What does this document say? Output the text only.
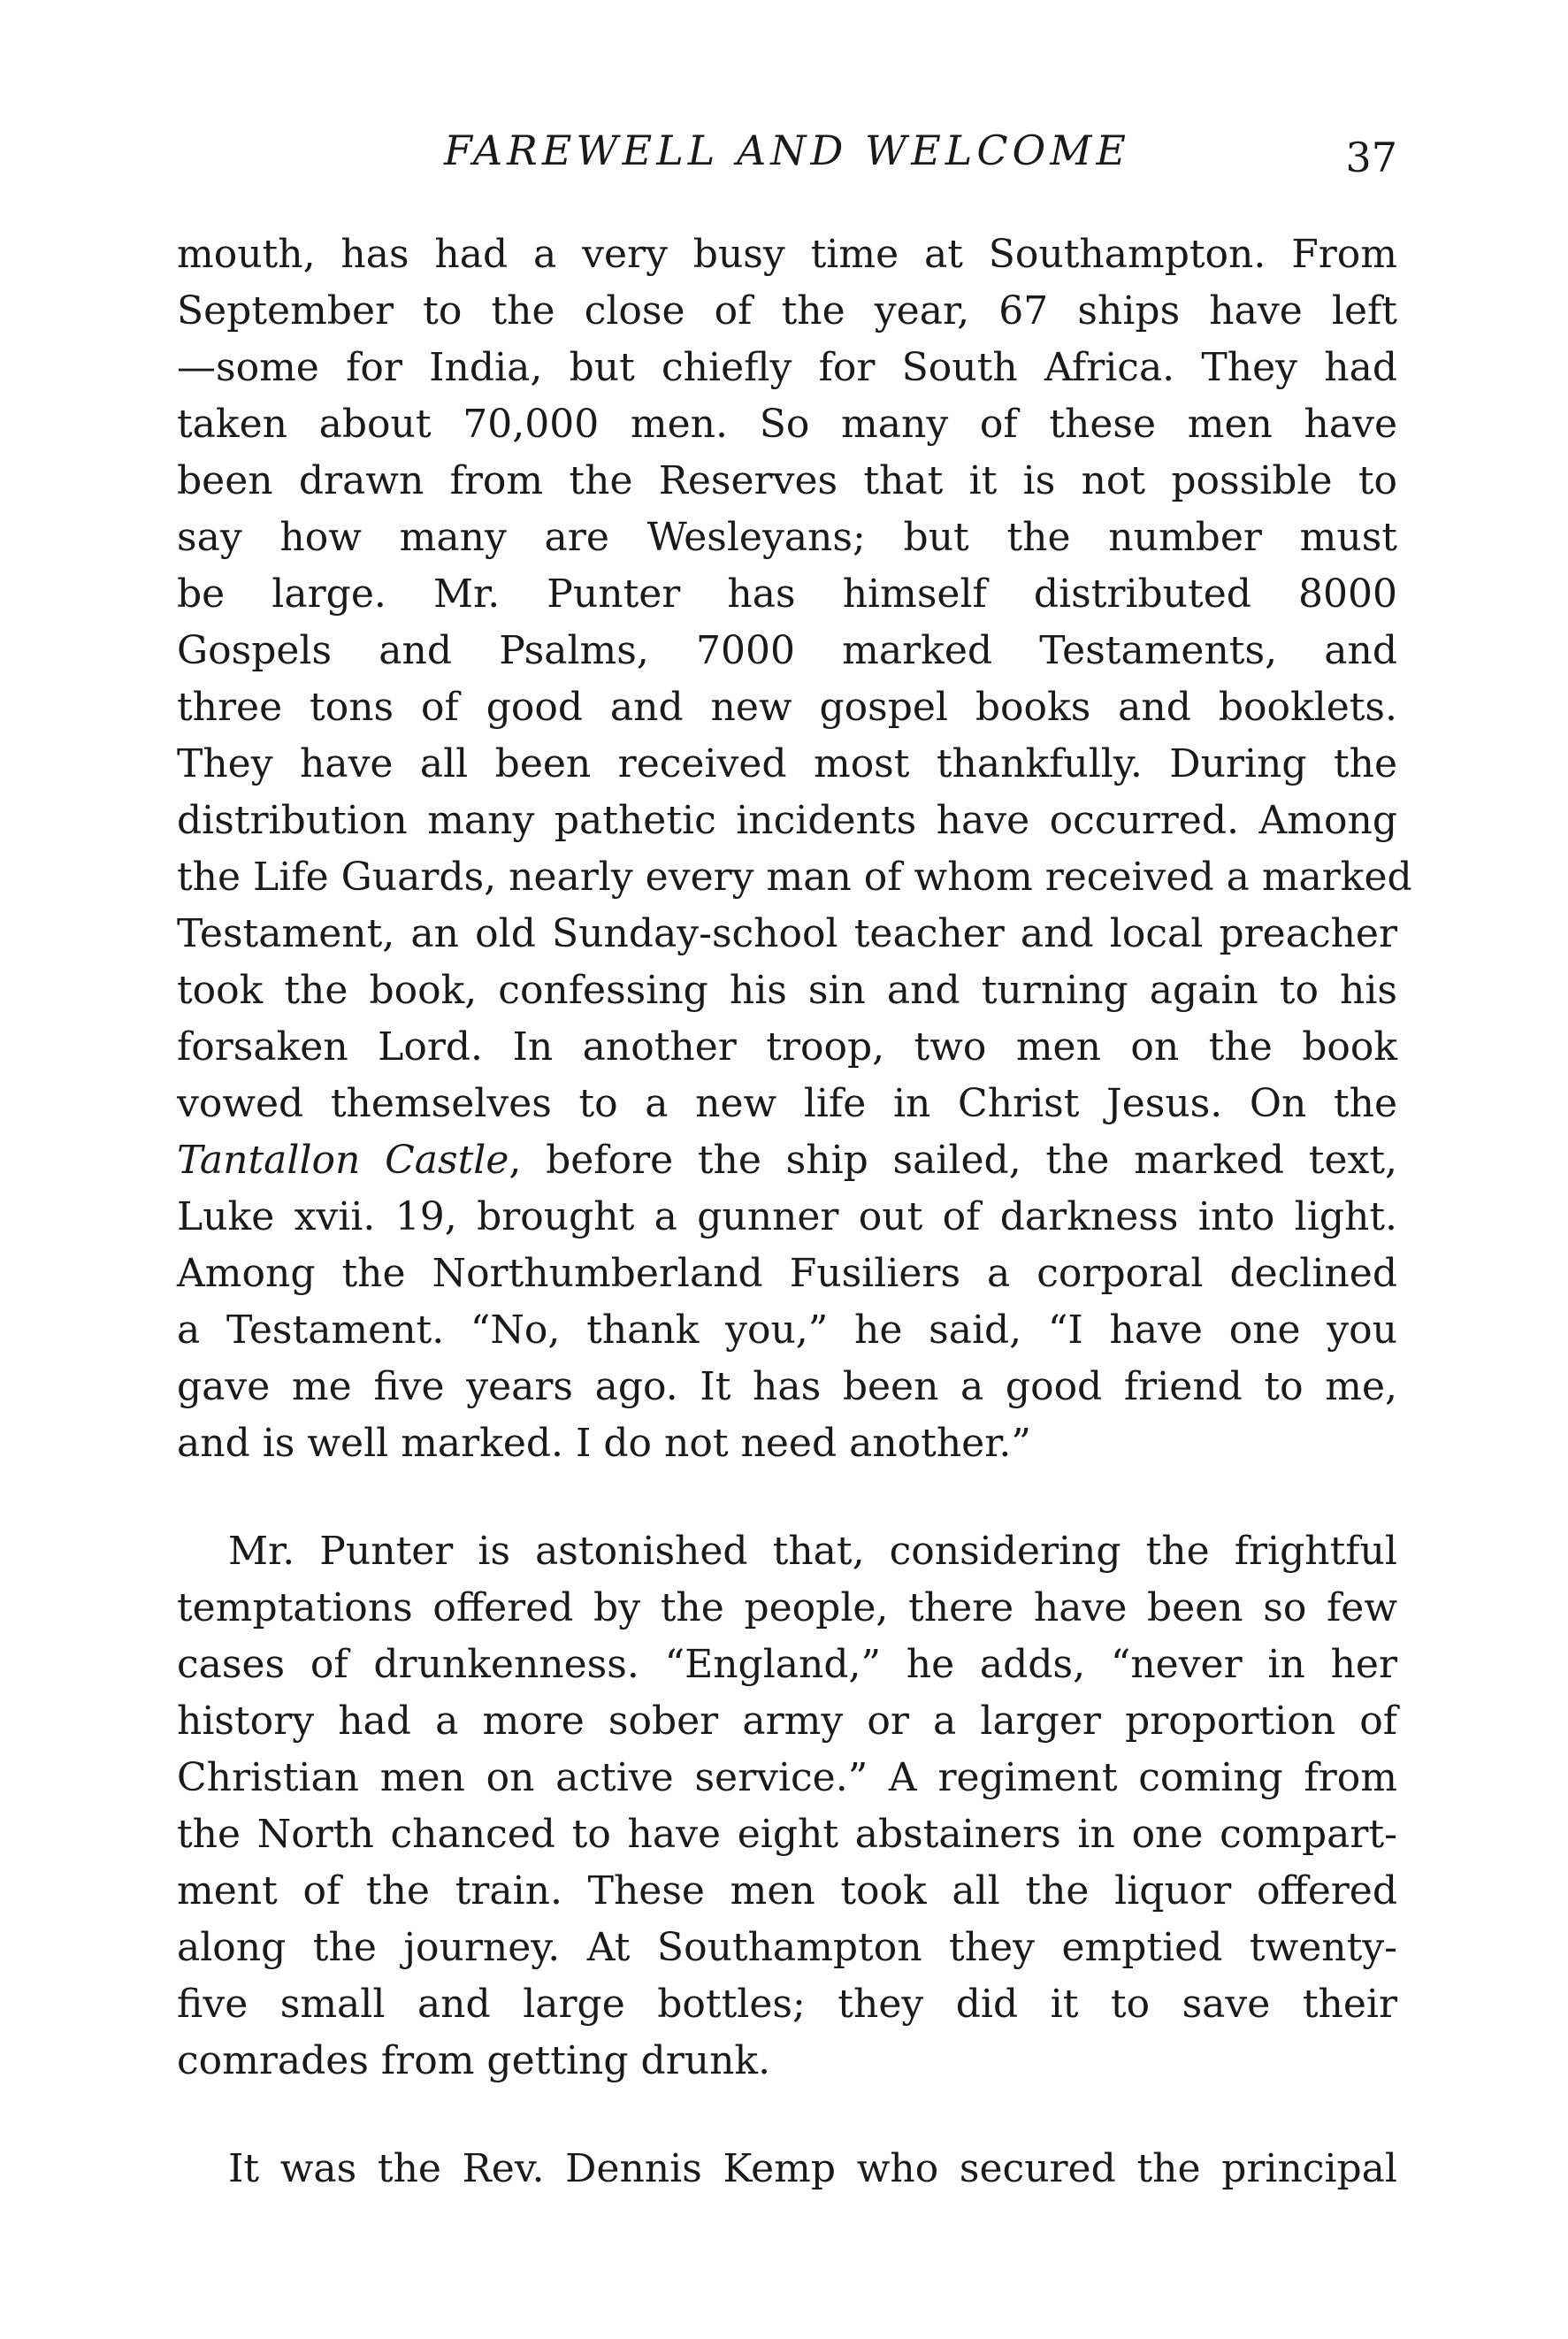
FAREWELL AND WELCOME	37
mouth, has had a very busy time at Southampton. From
September to the close of the year, 67 ships have left
—some for India, but chiefly for South Africa. They had
taken about 70,000 men. So many of these men have
been drawn from the Reserves that it is not possible to
say how many are Wesleyans; but the number must
be large. Mr. Punter has himself distributed 8000
Gospels and Psalms, 7000 marked Testaments, and
three tons of good and new gospel books and booklets.
They have all been received most thankfully. During the
distribution many pathetic incidents have occurred. Among
the Life Guards, nearly every man of whom received a marked
Testament, an old Sunday-school teacher and local preacher
took the book, confessing his sin and turning again to his
forsaken Lord. In another troop, two men on the book
vowed themselves to a new life in Christ Jesus. On the
Tantallon Castle, before the ship sailed, the marked text,
Luke xvii. 19, brought a gunner out of darkness into light.
Among the Northumberland Fusiliers a corporal declined
a Testament. “No, thank you,” he said, “I have one you
gave me five years ago. It has been a good friend to me,
and is well marked. I do not need another.”
Mr. Punter is astonished that, considering the frightful
temptations offered by the people, there have been so few
cases of drunkenness. “England,” he adds, “never in her
history had a more sober army or a larger proportion of
Christian men on active service.” A regiment coming from
the North chanced to have eight abstainers in one compart-
ment of the train. These men took all the liquor offered
along the journey. At Southampton they emptied twenty-
five small and large bottles; they did it to save their
comrades from getting drunk.
It was the Rev. Dennis Kemp who secured the principal
